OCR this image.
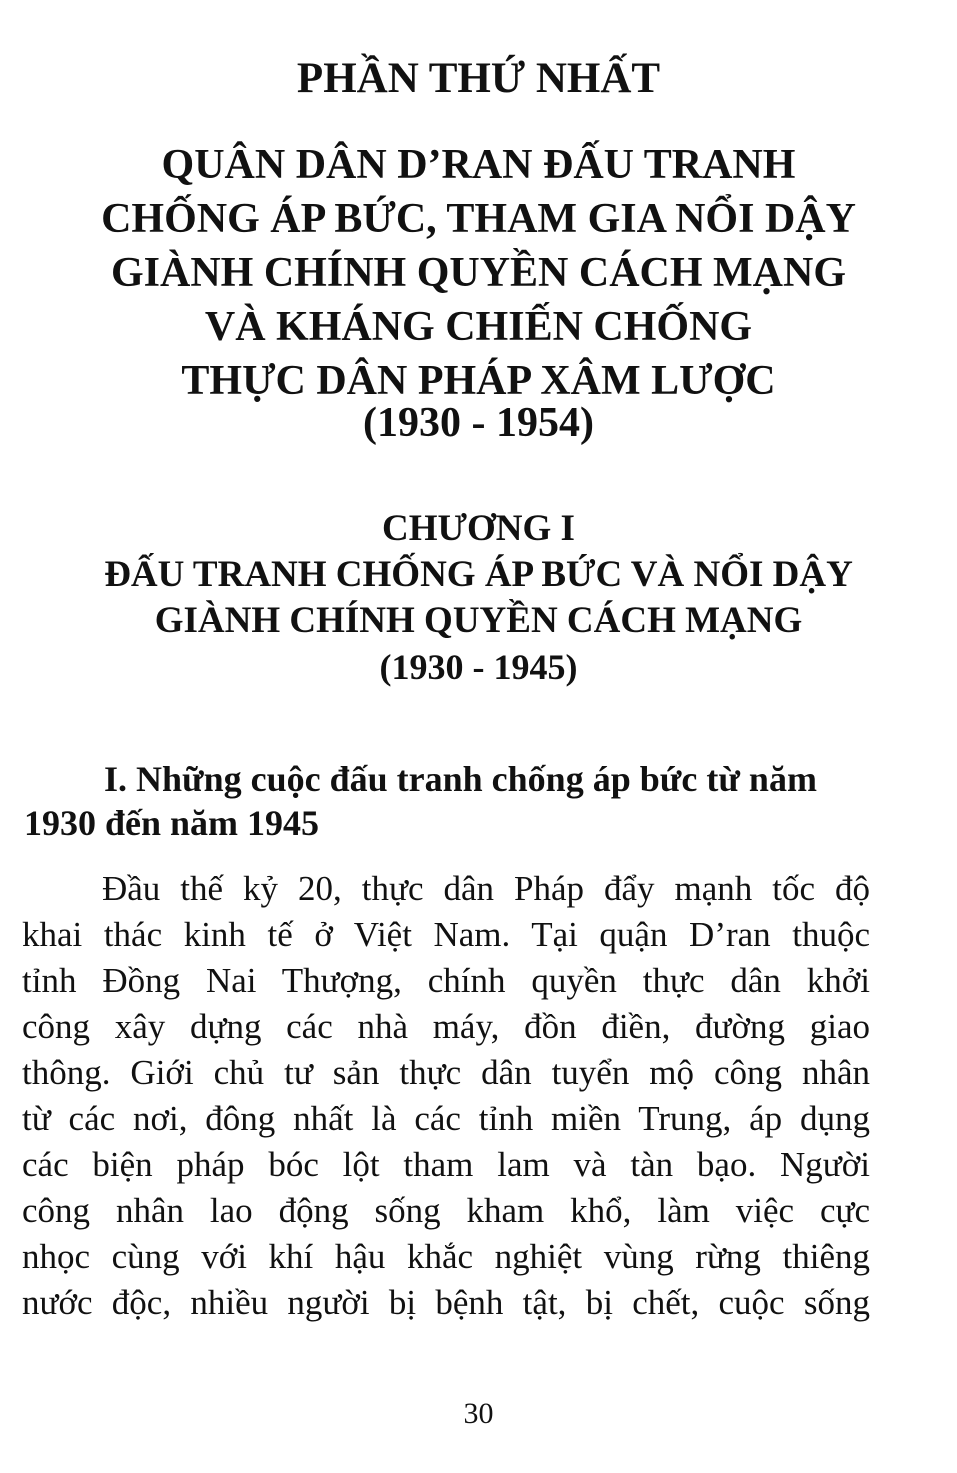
PHẦN THỨ NHẤT
QUÂN DÂN D’RAN ĐẤU TRANH
CHỐNG ÁP BỨC, THAM GIA NỔI DẬY
GIÀNH CHÍNH QUYỀN CÁCH MẠNG
VÀ KHÁNG CHIẾN CHỐNG
THỰC DÂN PHÁP XÂM LƯỢC
(1930 - 1954)
CHƯƠNG I
ĐẤU TRANH CHỐNG ÁP BỨC VÀ NỔI DẬY
GIÀNH CHÍNH QUYỀN CÁCH MẠNG
(1930 - 1945)
I. Những cuộc đấu tranh chống áp bức từ năm
1930 đến năm 1945
Đầu thế kỷ 20, thực dân Pháp đẩy mạnh tốc độ
khai thác kinh tế ở Việt Nam. Tại quận D’ran thuộc
tỉnh Đồng Nai Thượng, chính quyền thực dân khởi
công xây dựng các nhà máy, đồn điền, đường giao
thông. Giới chủ tư sản thực dân tuyển mộ công nhân
từ các nơi, đông nhất là các tỉnh miền Trung, áp dụng
các biện pháp bóc lột tham lam và tàn bạo. Người
công nhân lao động sống kham khổ, làm việc cực
nhọc cùng với khí hậu khắc nghiệt vùng rừng thiêng
nước độc, nhiều người bị bệnh tật, bị chết, cuộc sống
30
